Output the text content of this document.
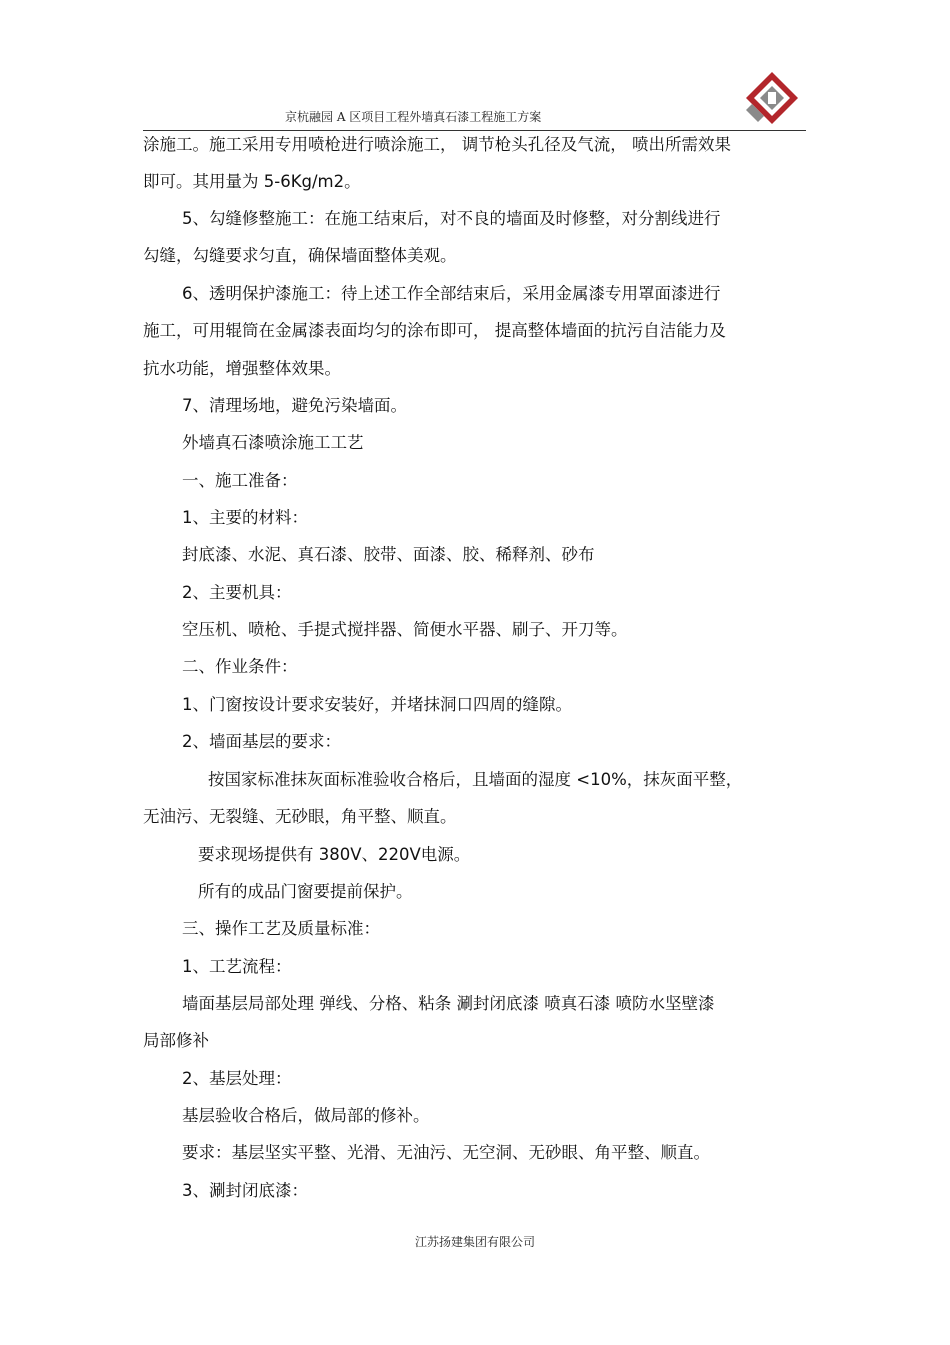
京杭融园 A 区项目工程外墙真石漆工程施工方案
涂施工。施工采用专用喷枪进行喷涂施工， 调节枪头孔径及气流， 喷出所需效果
即可。其用量为 5-6Kg/m2。
5、勾缝修整施工：在施工结束后，对不良的墙面及时修整，对分割线进行
勾缝，勾缝要求匀直，确保墙面整体美观。
6、透明保护漆施工：待上述工作全部结束后，采用金属漆专用罩面漆进行
施工，可用辊筒在金属漆表面均匀的涂布即可， 提高整体墙面的抗污自洁能力及
抗水功能，增强整体效果。
7、清理场地，避免污染墙面。
外墙真石漆喷涂施工工艺
一、施工准备：
1、主要的材料：
封底漆、水泥、真石漆、胶带、面漆、胶、稀释剂、砂布
2、主要机具：
空压机、喷枪、手提式搅拌器、简便水平器、刷子、开刀等。
二、作业条件：
1、门窗按设计要求安装好，并堵抹洞口四周的缝隙。
2、墙面基层的要求：
按国家标准抹灰面标准验收合格后，且墙面的湿度 <10%，抹灰面平整，
无油污、无裂缝、无砂眼，角平整、顺直。
要求现场提供有 380V、220V电源。
所有的成品门窗要提前保护。
三、操作工艺及质量标准：
1、工艺流程：
墙面基层局部处理 弹线、分格、粘条 涮封闭底漆 喷真石漆 喷防水坚壁漆
局部修补
2、基层处理：
基层验收合格后，做局部的修补。
要求：基层坚实平整、光滑、无油污、无空洞、无砂眼、角平整、顺直。
3、涮封闭底漆：
江苏扬建集团有限公司
